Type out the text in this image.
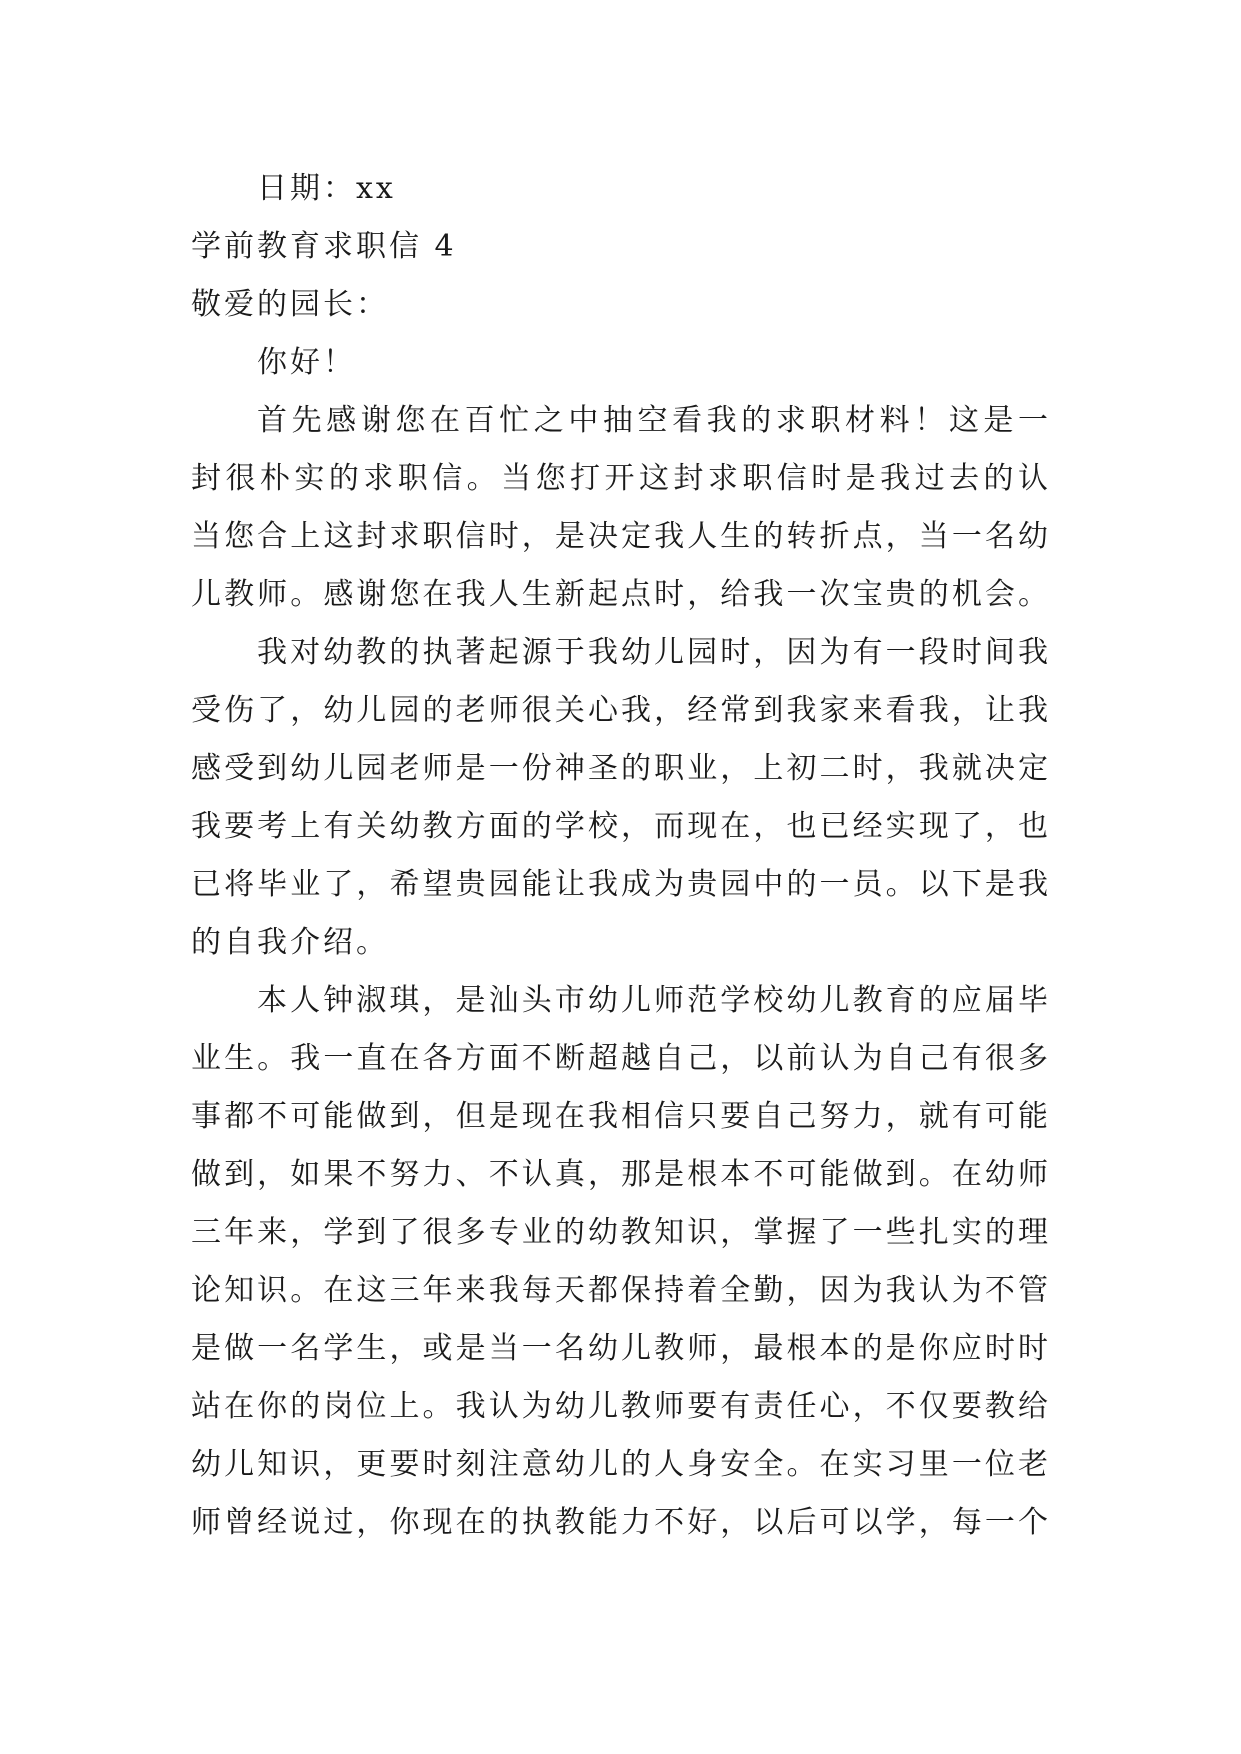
日期：xx
学前教育求职信 4
敬爱的园长：
你好！
首先感谢您在百忙之中抽空看我的求职材料！这是一
封很朴实的求职信。当您打开这封求职信时是我过去的认
当您合上这封求职信时，是决定我人生的转折点，当一名幼
儿教师。感谢您在我人生新起点时，给我一次宝贵的机会。
我对幼教的执著起源于我幼儿园时，因为有一段时间我
受伤了，幼儿园的老师很关心我，经常到我家来看我，让我
感受到幼儿园老师是一份神圣的职业，上初二时，我就决定
我要考上有关幼教方面的学校，而现在，也已经实现了，也
已将毕业了，希望贵园能让我成为贵园中的一员。以下是我
的自我介绍。
本人钟淑琪，是汕头市幼儿师范学校幼儿教育的应届毕
业生。我一直在各方面不断超越自己，以前认为自己有很多
事都不可能做到，但是现在我相信只要自己努力，就有可能
做到，如果不努力、不认真，那是根本不可能做到。在幼师
三年来，学到了很多专业的幼教知识，掌握了一些扎实的理
论知识。在这三年来我每天都保持着全勤，因为我认为不管
是做一名学生，或是当一名幼儿教师，最根本的是你应时时
站在你的岗位上。我认为幼儿教师要有责任心，不仅要教给
幼儿知识，更要时刻注意幼儿的人身安全。在实习里一位老
师曾经说过，你现在的执教能力不好，以后可以学，每一个
